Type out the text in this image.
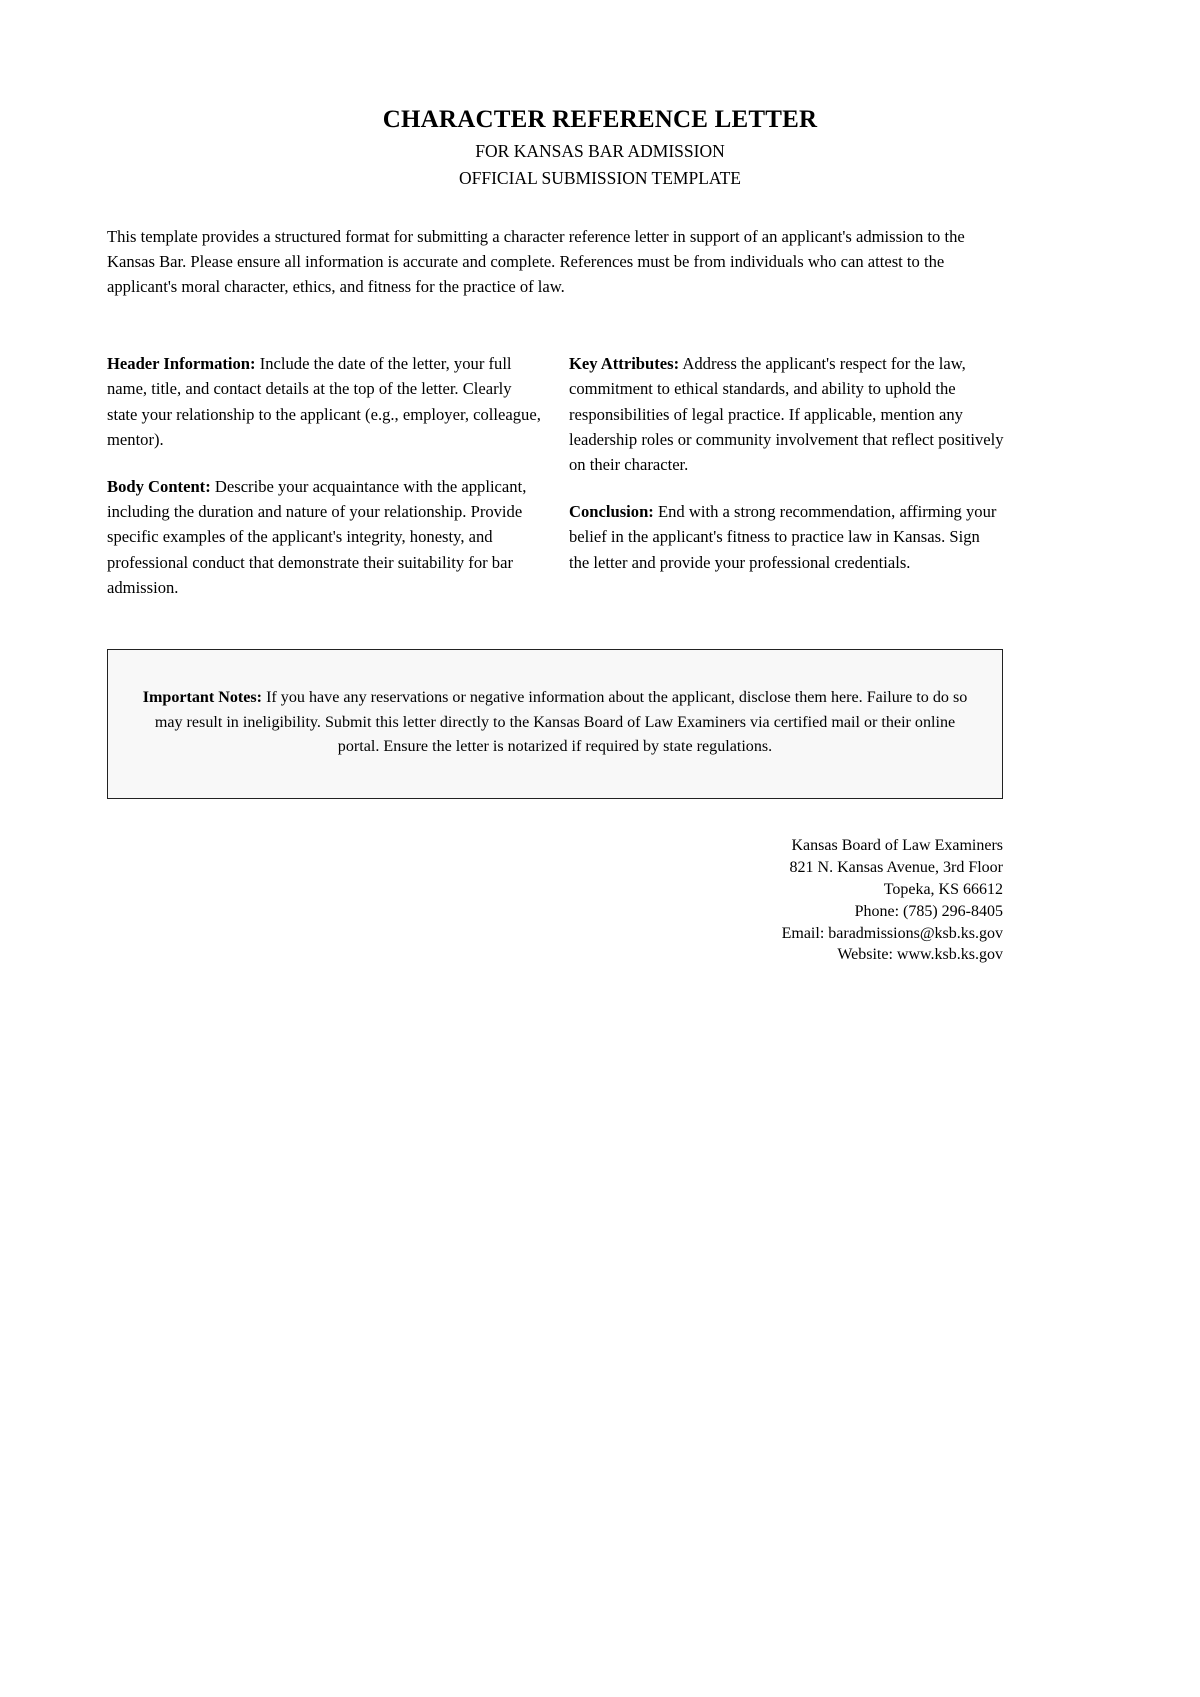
CHARACTER REFERENCE LETTER
FOR KANSAS BAR ADMISSION
OFFICIAL SUBMISSION TEMPLATE

This template provides a structured format for submitting a character reference letter in support of an applicant's admission to the Kansas Bar. Please ensure all information is accurate and complete. References must be from individuals who can attest to the applicant's moral character, ethics, and fitness for the practice of law.

Header Information: Include the date of the letter, your full name, title, and contact details at the top of the letter. Clearly state your relationship to the applicant (e.g., employer, colleague, mentor).

Body Content: Describe your acquaintance with the applicant, including the duration and nature of your relationship. Provide specific examples of the applicant's integrity, honesty, and professional conduct that demonstrate their suitability for bar admission.

Key Attributes: Address the applicant's respect for the law, commitment to ethical standards, and ability to uphold the responsibilities of legal practice. If applicable, mention any leadership roles or community involvement that reflect positively on their character.

Conclusion: End with a strong recommendation, affirming your belief in the applicant's fitness to practice law in Kansas. Sign the letter and provide your professional credentials.

Important Notes: If you have any reservations or negative information about the applicant, disclose them here. Failure to do so may result in ineligibility. Submit this letter directly to the Kansas Board of Law Examiners via certified mail or their online portal. Ensure the letter is notarized if required by state regulations.

Kansas Board of Law Examiners
821 N. Kansas Avenue, 3rd Floor
Topeka, KS 66612
Phone: (785) 296-8405
Email: baradmissions@ksb.ks.gov
Website: www.ksb.ks.gov
